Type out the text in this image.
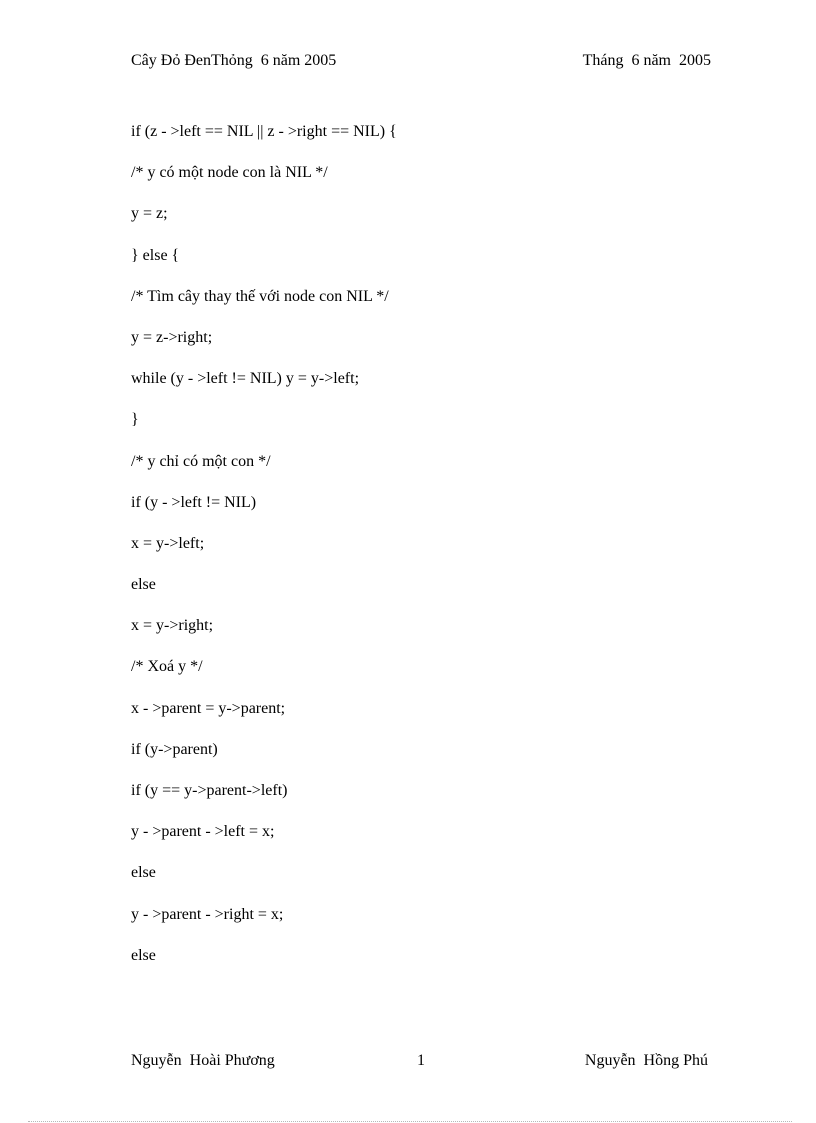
Cây Đỏ ĐenThỏng  6 năm 2005	Tháng  6 năm  2005
if (z - >left == NIL || z - >right == NIL) {
/* y có một node con là NIL */
y = z;
} else {
/* Tìm cây thay thế với node con NIL */
y = z->right;
while (y - >left != NIL) y = y->left;
}
/* y chỉ có một con */
if (y - >left != NIL)
x = y->left;
else
x = y->right;
/* Xoá y */
x - >parent = y->parent;
if (y->parent)
if (y == y->parent->left)
y - >parent - >left = x;
else
y - >parent - >right = x;
else
Nguyễn  Hoài Phương	1	Nguyễn  Hồng Phú
